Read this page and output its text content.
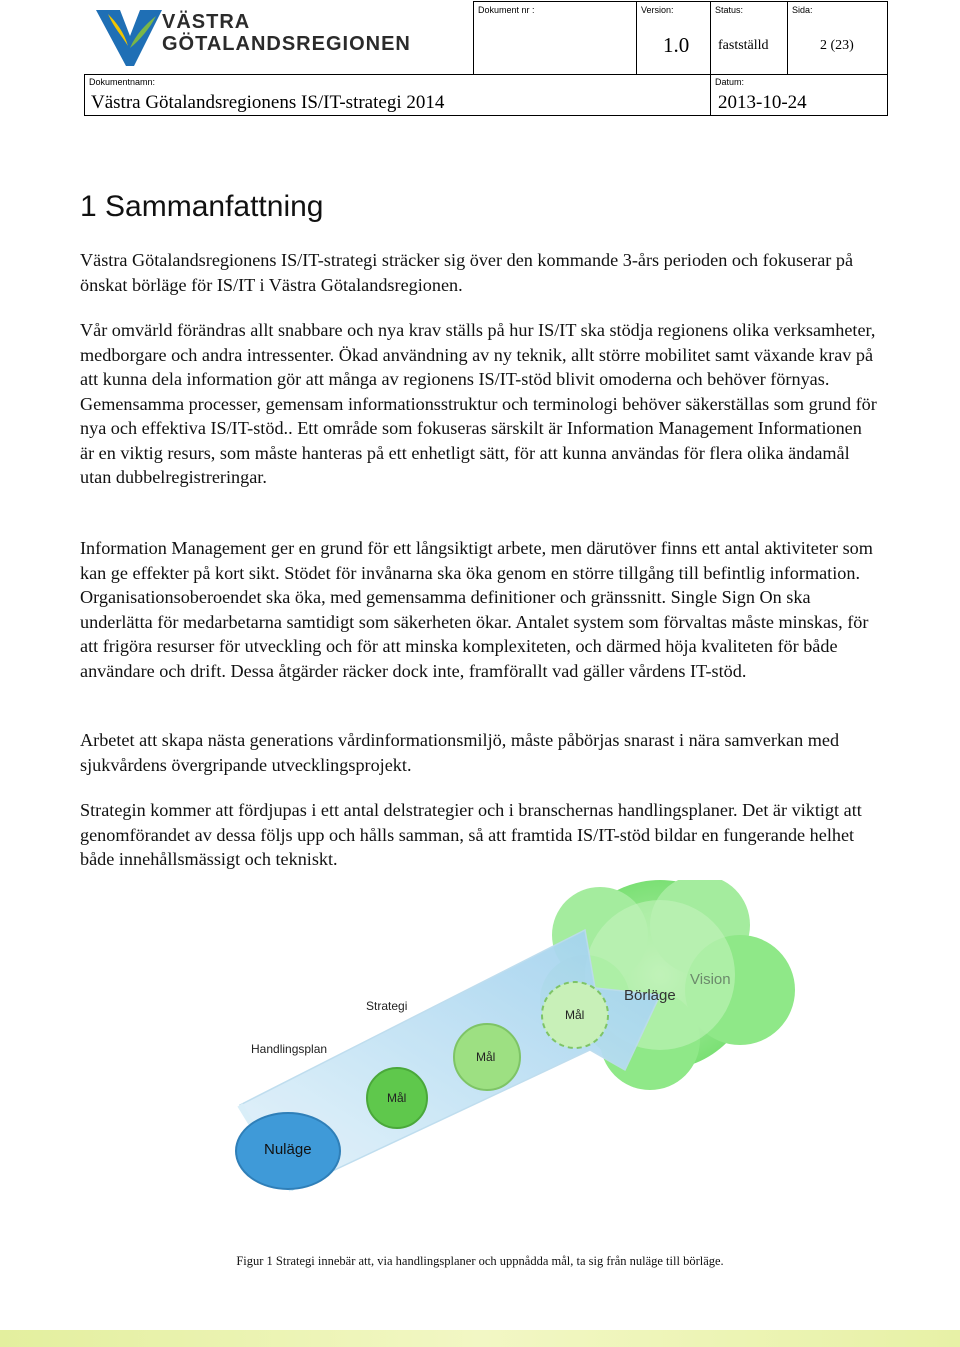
VÄSTRA
GÖTALANDSREGIONEN
Dokument nr :	Version:
1.0
Status:
fastställd
Sida:
2 (23)
Dokumentnamn:
Västra Götalandsregionens IS/IT-strategi 2014
Datum:
2013-10-24
1 Sammanfattning

Västra Götalandsregionens IS/IT-strategi sträcker sig över den kommande 3-års perioden och fokuserar på önskat börläge för IS/IT i Västra Götalandsregionen.

Vår omvärld förändras allt snabbare och nya krav ställs på hur IS/IT ska stödja regionens olika verksamheter, medborgare och andra intressenter. Ökad användning av ny teknik, allt större mobilitet samt växande krav på att kunna dela information gör att många av regionens IS/IT-stöd blivit omoderna och behöver förnyas. Gemensamma processer, gemensam informationsstruktur och terminologi behöver säkerställas som grund för nya och effektiva IS/IT-stöd.. Ett område som fokuseras särskilt är Information Management Informationen är en viktig resurs, som måste hanteras på ett enhetligt sätt, för att kunna användas för flera olika ändamål utan dubbelregistreringar.

Information Management ger en grund för ett långsiktigt arbete, men därutöver finns ett antal aktiviteter som kan ge effekter på kort sikt. Stödet för invånarna ska öka genom en större tillgång till befintlig information. Organisationsoberoendet ska öka, med gemensamma definitioner och gränssnitt. Single Sign On ska underlätta för medarbetarna samtidigt som säkerheten ökar. Antalet system som förvaltas måste minskas, för att frigöra resurser för utveckling och för att minska komplexiteten, och därmed höja kvaliteten för både användare och drift. Dessa åtgärder räcker dock inte, framförallt vad gäller vårdens IT-stöd.

Arbetet att skapa nästa generations vårdinformationsmiljö, måste påbörjas snarast i nära samverkan med sjukvårdens övergripande utvecklingsprojekt.

Strategin kommer att fördjupas i ett antal delstrategier och i branschernas handlingsplaner. Det är viktigt att genomförandet av dessa följs upp och hålls samman, så att framtida IS/IT-stöd bildar en fungerande helhet både innehållsmässigt och tekniskt.

Vision
Börläge
Strategi
Handlingsplan
Mål
Mål
Mål
Nuläge
Figur 1 Strategi innebär att, via handlingsplaner och uppnådda mål, ta sig från nuläge till börläge.
